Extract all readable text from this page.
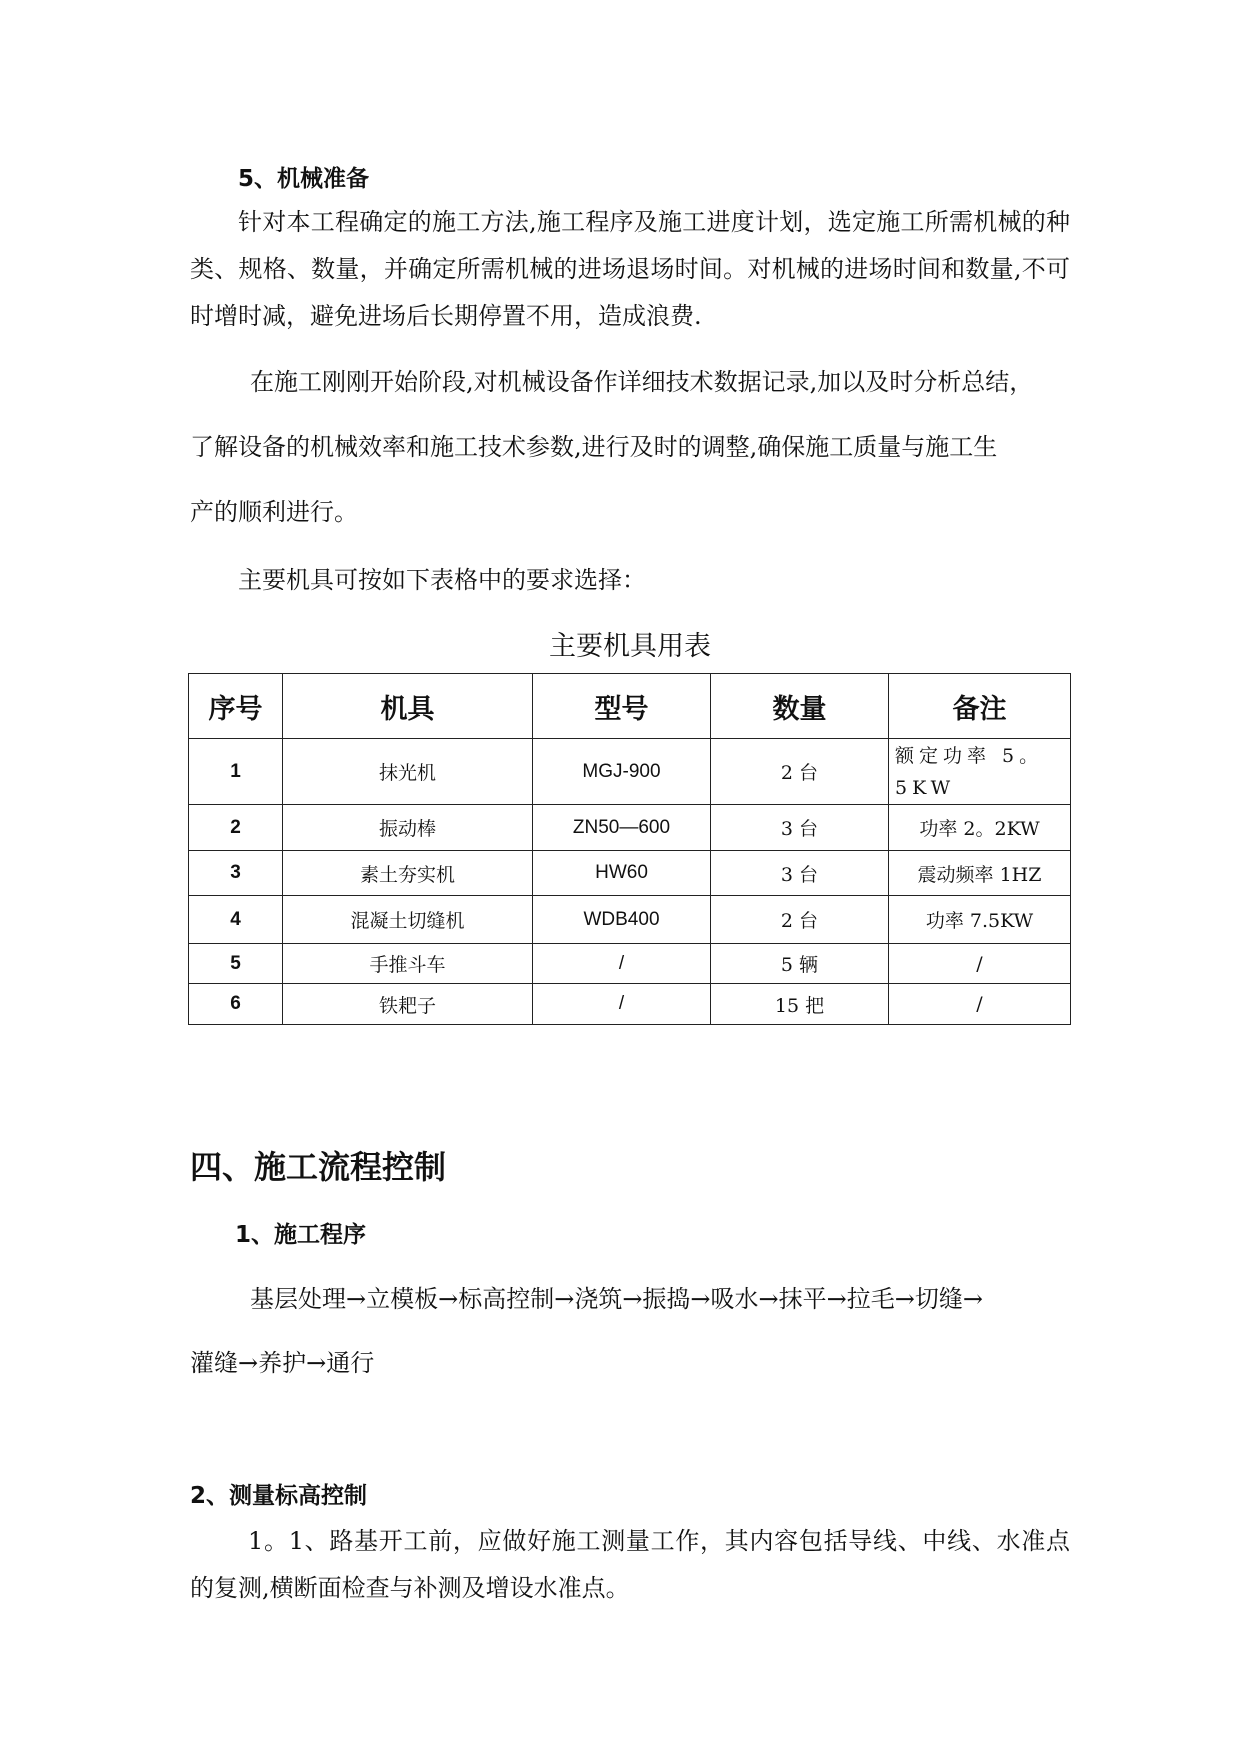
5、机械准备
针对本工程确定的施工方法,施工程序及施工进度计划，选定施工所需机械的种类、规格、数量，并确定所需机械的进场退场时间。对机械的进场时间和数量,不可时增时减，避免进场后长期停置不用，造成浪费.
在施工刚刚开始阶段,对机械设备作详细技术数据记录,加以及时分析总结，
了解设备的机械效率和施工技术参数,进行及时的调整,确保施工质量与施工生
产的顺利进行。
主要机具可按如下表格中的要求选择：
主要机具用表
序号	机具	型号	数量	备注
1	抹光机	MGJ-900	2 台	额定功率 5。5KW
2	振动棒	ZN50—600	3 台	功率 2。2KW
3	素土夯实机	HW60	3 台	震动频率 1HZ
4	混凝土切缝机	WDB400	2 台	功率 7.5KW
5	手推斗车	/	5 辆	/
6	铁耙子	/	15 把	/
四、施工流程控制
1、施工程序
基层处理→立模板→标高控制→浇筑→振捣→吸水→抹平→拉毛→切缝→
灌缝→养护→通行
2、测量标高控制
1。1、路基开工前，应做好施工测量工作，其内容包括导线、中线、水准点的复测,横断面检查与补测及增设水准点。
